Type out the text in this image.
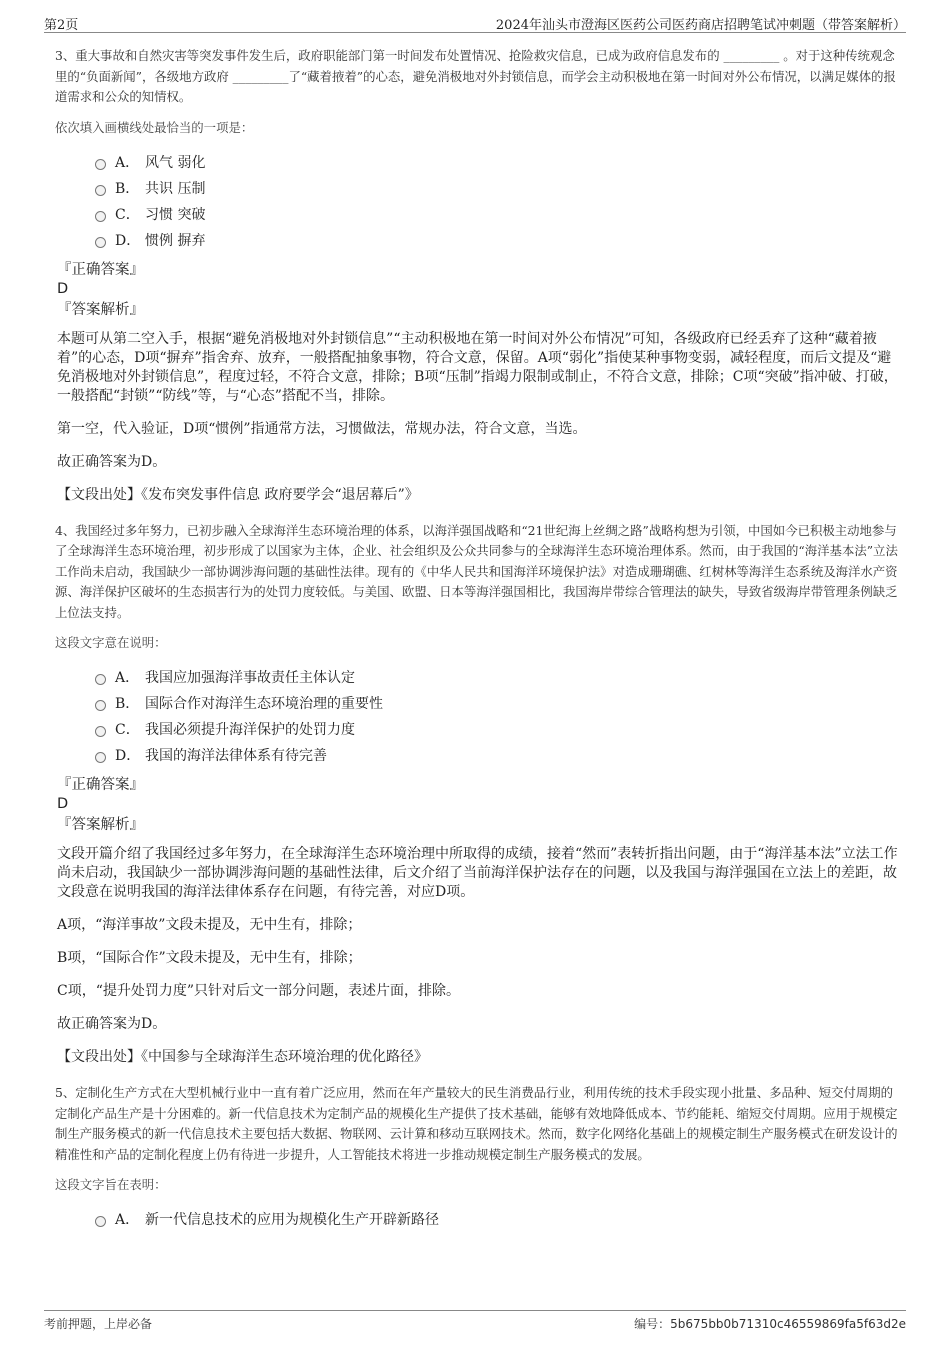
第2页	2024年汕头市澄海区医药公司医药商店招聘笔试冲刺题（带答案解析）

3、重大事故和自然灾害等突发事件发生后，政府职能部门第一时间发布处置情况、抢险救灾信息，已成为政府信息发布的 _________ 。对于这种传统观念里的“负面新闻”，各级地方政府 _________了“藏着掖着”的心态，避免消极地对外封锁信息，而学会主动积极地在第一时间对外公布情况，以满足媒体的报道需求和公众的知情权。

依次填入画横线处最恰当的一项是：

A． 风气 弱化
B． 共识 压制
C． 习惯 突破
D． 惯例 摒弃
『正确答案』
D
『答案解析』

本题可从第二空入手，根据“避免消极地对外封锁信息”“主动积极地在第一时间对外公布情况”可知，各级政府已经丢弃了这种“藏着掖着”的心态，D项“摒弃”指舍弃、放弃，一般搭配抽象事物，符合文意，保留。A项“弱化”指使某种事物变弱，减轻程度，而后文提及“避免消极地对外封锁信息”，程度过轻，不符合文意，排除；B项“压制”指竭力限制或制止，不符合文意，排除；C项“突破”指冲破、打破，一般搭配“封锁”“防线”等，与“心态”搭配不当，排除。

第一空，代入验证，D项“惯例”指通常方法，习惯做法，常规办法，符合文意，当选。

故正确答案为D。

【文段出处】《发布突发事件信息 政府要学会“退居幕后”》

4、我国经过多年努力，已初步融入全球海洋生态环境治理的体系，以海洋强国战略和“21世纪海上丝绸之路”战略构想为引领，中国如今已积极主动地参与了全球海洋生态环境治理，初步形成了以国家为主体，企业、社会组织及公众共同参与的全球海洋生态环境治理体系。然而，由于我国的“海洋基本法”立法工作尚未启动，我国缺少一部协调涉海问题的基础性法律。现有的《中华人民共和国海洋环境保护法》对造成珊瑚礁、红树林等海洋生态系统及海洋水产资源、海洋保护区破坏的生态损害行为的处罚力度较低。与美国、欧盟、日本等海洋强国相比，我国海岸带综合管理法的缺失，导致省级海岸带管理条例缺乏上位法支持。

这段文字意在说明：

A． 我国应加强海洋事故责任主体认定
B． 国际合作对海洋生态环境治理的重要性
C． 我国必须提升海洋保护的处罚力度
D． 我国的海洋法律体系有待完善
『正确答案』
D
『答案解析』

文段开篇介绍了我国经过多年努力，在全球海洋生态环境治理中所取得的成绩，接着“然而”表转折指出问题，由于“海洋基本法”立法工作尚未启动，我国缺少一部协调涉海问题的基础性法律，后文介绍了当前海洋保护法存在的问题，以及我国与海洋强国在立法上的差距，故文段意在说明我国的海洋法律体系存在问题，有待完善，对应D项。

A项，“海洋事故”文段未提及，无中生有，排除；

B项，“国际合作”文段未提及，无中生有，排除；

C项，“提升处罚力度”只针对后文一部分问题，表述片面，排除。

故正确答案为D。

【文段出处】《中国参与全球海洋生态环境治理的优化路径》

5、定制化生产方式在大型机械行业中一直有着广泛应用，然而在年产量较大的民生消费品行业，利用传统的技术手段实现小批量、多品种、短交付周期的定制化产品生产是十分困难的。新一代信息技术为定制产品的规模化生产提供了技术基础，能够有效地降低成本、节约能耗、缩短交付周期。应用于规模定制生产服务模式的新一代信息技术主要包括大数据、物联网、云计算和移动互联网技术。然而，数字化网络化基础上的规模定制生产服务模式在研发设计的精准性和产品的定制化程度上仍有待进一步提升，人工智能技术将进一步推动规模定制生产服务模式的发展。

这段文字旨在表明：

A． 新一代信息技术的应用为规模化生产开辟新路径
考前押题，上岸必备	编号：5b675bb0b71310c46559869fa5f63d2e
